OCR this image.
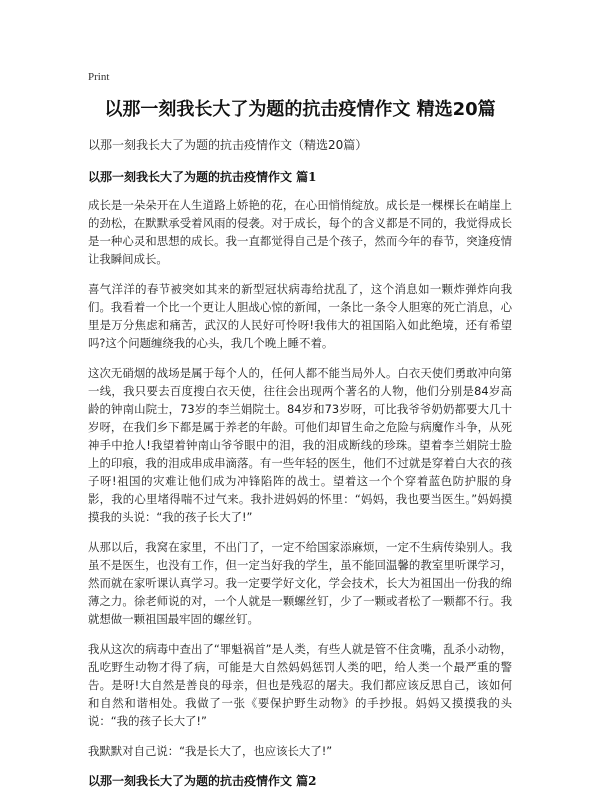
Print
以那一刻我长大了为题的抗击疫情作文 精选20篇
以那一刻我长大了为题的抗击疫情作文（精选20篇）
以那一刻我长大了为题的抗击疫情作文 篇1

成长是一朵朵开在人生道路上娇艳的花，在心田悄悄绽放。成长是一棵棵长在峭崖上的劲松，在默默承受着风雨的侵袭。对于成长，每个的含义都是不同的，我觉得成长是一种心灵和思想的成长。我一直都觉得自己是个孩子，然而今年的春节，突逢疫情让我瞬间成长。

喜气洋洋的春节被突如其来的新型冠状病毒给扰乱了，这个消息如一颗炸弹炸向我们。我看着一个比一个更让人胆战心惊的新闻，一条比一条令人胆寒的死亡消息，心里是万分焦虑和痛苦，武汉的人民好可怜呀!我伟大的祖国陷入如此绝境，还有希望吗?这个问题缠绕我的心头，我几个晚上睡不着。

这次无硝烟的战场是属于每个人的，任何人都不能当局外人。白衣天使们勇敢冲向第一线，我只要去百度搜白衣天使，往往会出现两个著名的人物，他们分别是84岁高龄的钟南山院士，73岁的李兰娟院士。84岁和73岁呀，可比我爷爷奶奶都要大几十岁呀，在我们乡下都是属于养老的年龄。可他们却冒生命之危险与病魔作斗争，从死神手中抢人!我望着钟南山爷爷眼中的泪，我的泪成断线的珍珠。望着李兰娟院士脸上的印痕，我的泪成串成串滴落。有一些年轻的医生，他们不过就是穿着白大衣的孩子呀!祖国的灾难让他们成为冲锋陷阵的战士。望着这一个个穿着蓝色防护服的身影，我的心里堵得喘不过气来。我扑进妈妈的怀里：“妈妈，我也要当医生。”妈妈摸摸我的头说：“我的孩子长大了!”

从那以后，我窝在家里，不出门了，一定不给国家添麻烦，一定不生病传染别人。我虽不是医生，也没有工作，但一定当好我的学生，虽不能回温馨的教室里听课学习，然而就在家听课认真学习。我一定要学好文化，学会技术，长大为祖国出一份我的绵薄之力。徐老师说的对，一个人就是一颗螺丝钉，少了一颗或者松了一颗都不行。我就想做一颗祖国最牢固的螺丝钉。

我从这次的病毒中查出了“罪魁祸首”是人类，有些人就是管不住贪嘴，乱杀小动物，乱吃野生动物才得了病，可能是大自然妈妈惩罚人类的吧，给人类一个最严重的警告。是呀!大自然是善良的母亲，但也是残忍的屠夫。我们都应该反思自己，该如何和自然和谐相处。我做了一张《要保护野生动物》的手抄报。妈妈又摸摸我的头说：“我的孩子长大了!”

我默默对自己说：“我是长大了，也应该长大了!”

以那一刻我长大了为题的抗击疫情作文 篇2
